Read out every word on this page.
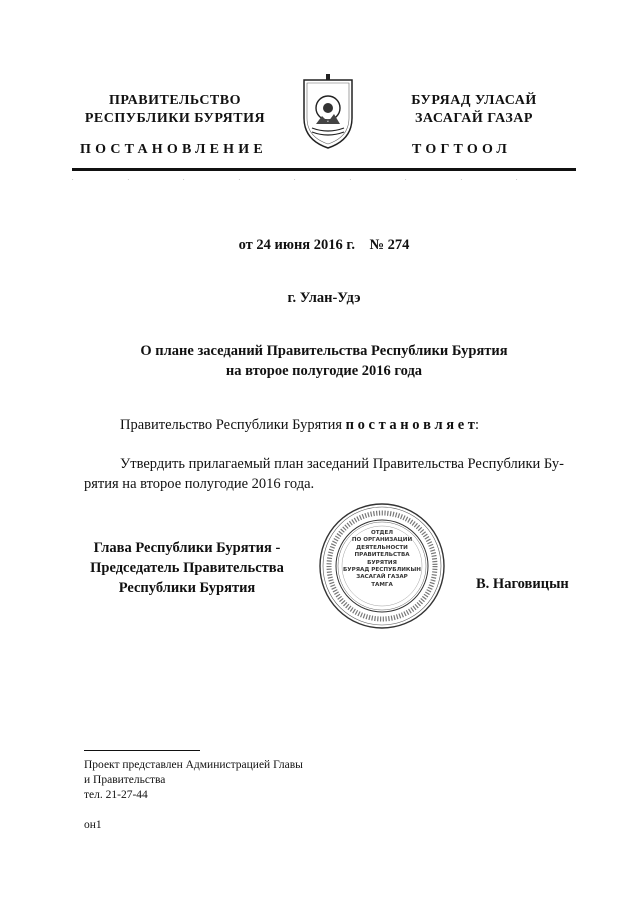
ПРАВИТЕЛЬСТВО
РЕСПУБЛИКИ БУРЯТИЯ
БУРЯАД УЛАСАЙ
ЗАСАГАЙ ГАЗАР
ПОСТАНОВЛЕНИЕ	ТОГТООЛ
.........
от 24 июня 2016 г.    № 274
г. Улан-Удэ
О плане заседаний Правительства Республики Бурятия
на второе полугодие 2016 года
Правительство Республики Бурятия п о с т а н о в л я е т:
Утвердить прилагаемый план заседаний Правительства Республики Бу-
рятия на второе полугодие 2016 года.
Глава Республики Бурятия -
Председатель Правительства
Республики Бурятия
ОТДЕЛ
ПО ОРГАНИЗАЦИИ
ДЕЯТЕЛЬНОСТИ
ПРАВИТЕЛЬСТВА
БУРЯТИЯ
БУРЯАД РЕСПУБЛИКЫН
ЗАСАГАЙ ГАЗАР
ТАМГА	В. Наговицын
Проект представлен Администрацией Главы
и Правительства
тел. 21-27-44
он1
